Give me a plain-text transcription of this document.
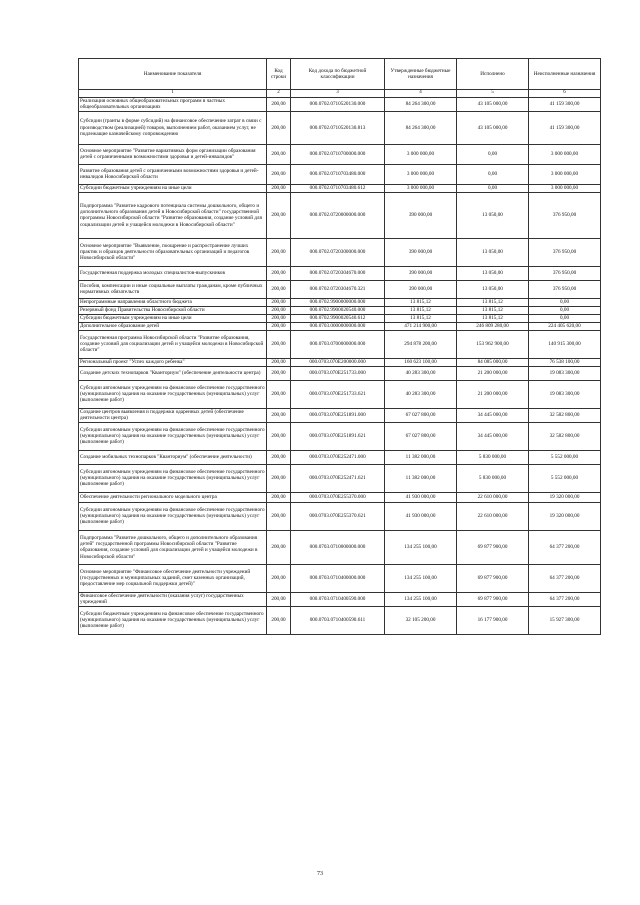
Наименование показателя	Код строки	Код дохода по бюджетной классификации	Утвержденные бюджетные назначения	Исполнено	Неисполненные назначения
1	2	3	4	5	6
Реализация основных общеобразовательных программ в частных общеобразовательных организациях	200,00	000.0702.0710520130.000	84 264 300,00	43 105 000,00	41 159 300,00
Субсидии (гранты в форме субсидий) на финансовое обеспечение затрат в связи с производством (реализацией) товаров, выполнением работ, оказанием услуг, не подлежащие казначейскому сопровождению	200,00	000.0702.0710520130.813	84 264 300,00	43 105 000,00	41 159 300,00
Основное мероприятие "Развитие вариативных форм организации образования детей с ограниченными возможностями здоровья и детей-инвалидов"	200,00	000.0702.0710700000.000	3 000 000,00	0,00	3 000 000,00
Развитие образования детей с ограниченными возможностями здоровья и детей-инвалидов Новосибирской области	200,00	000.0702.0710703480.000	3 000 000,00	0,00	3 000 000,00
Субсидии бюджетным учреждениям на иные цели	200,00	000.0702.0710703480.612	3 000 000,00	0,00	3 000 000,00
Подпрограмма "Развитие кадрового потенциала системы дошкольного, общего и дополнительного образования детей в Новосибирской области" государственной программы Новосибирской области "Развитие образования, создание условий для социализации детей и учащейся молодежи в Новосибирской области"	200,00	000.0702.0720000000.000	390 000,00	13 050,00	376 950,00
Основное мероприятие "Выявление, поощрение и распространение лучших практик и образцов деятельности образовательных организаций и педагогов Новосибирской области"	200,00	000.0702.0720300000.000	390 000,00	13 050,00	376 950,00
Государственная поддержка молодых специалистов-выпускников	200,00	000.0702.0720304670.000	390 000,00	13 050,00	376 950,00
Пособия, компенсации и иные социальные выплаты гражданам, кроме публичных нормативных обязательств	200,00	000.0702.0720304670.321	390 000,00	13 050,00	376 950,00
Непрограммные направления областного бюджета	200,00	000.0702.9900000000.000	13 815,12	13 815,12	0,00
Резервный фонд Правительства Новосибирской области	200,00	000.0702.9900020540.000	13 815,12	13 815,12	0,00
Субсидии бюджетным учреждениям на иные цели	200,00	000.0702.9900020540.612	13 815,12	13 815,12	0,00
Дополнительное образование детей	200,00	000.0703.0000000000.000	471 214 900,00	246 809 280,00	224 405 620,00
Государственная программа Новосибирской области "Развитие образования, создание условий для социализации детей и учащейся молодежи в Новосибирской области"	200,00	000.0703.0700000000.000	294 878 200,00	153 962 900,00	140 915 300,00
Региональный проект "Успех каждого ребенка"	200,00	000.0703.070E200000.000	160 623 100,00	84 085 000,00	76 538 100,00
Создание детских технопарков "Кванториум" (обеспечение деятельности центра)	200,00	000.0703.070E251733.000	40 283 300,00	21 200 000,00	19 083 300,00
Субсидии автономным учреждениям на финансовое обеспечение государственного (муниципального) задания на оказание государственных (муниципальных) услуг (выполнение работ)	200,00	000.0703.070E251733.621	40 283 300,00	21 200 000,00	19 083 300,00
Создание центров выявления и поддержки одаренных детей (обеспечение деятельности центра)	200,00	000.0703.070E251891.000	67 027 800,00	34 445 000,00	32 582 800,00
Субсидии автономным учреждениям на финансовое обеспечение государственного (муниципального) задания на оказание государственных (муниципальных) услуг (выполнение работ)	200,00	000.0703.070E251891.621	67 027 800,00	34 445 000,00	32 582 800,00
Создание мобильных технопарков "Кванториум" (обеспечение деятельности)	200,00	000.0703.070E252471.000	11 382 000,00	5 830 000,00	5 552 000,00
Субсидии автономным учреждениям на финансовое обеспечение государственного (муниципального) задания на оказание государственных (муниципальных) услуг (выполнение работ)	200,00	000.0703.070E252471.621	11 382 000,00	5 830 000,00	5 552 000,00
Обеспечение деятельности регионального модельного центра	200,00	000.0703.070E255370.000	41 930 000,00	22 610 000,00	19 320 000,00
Субсидии автономным учреждениям на финансовое обеспечение государственного (муниципального) задания на оказание государственных (муниципальных) услуг (выполнение работ)	200,00	000.0703.070E255370.621	41 930 000,00	22 610 000,00	19 320 000,00
Подпрограмма "Развитие дошкольного, общего и дополнительного образования детей" государственной программы Новосибирской области "Развитие образования, создание условий для социализации детей и учащейся молодежи в Новосибирской области"	200,00	000.0703.0710000000.000	134 255 100,00	69 877 900,00	64 377 200,00
Основное мероприятие "Финансовое обеспечение деятельности учреждений (государственных и муниципальных заданий, смет казенных организаций, предоставление мер социальной поддержки детей)"	200,00	000.0703.0710400000.000	134 255 100,00	69 877 900,00	64 377 200,00
Финансовое обеспечение деятельности (оказания услуг) государственных учреждений	200,00	000.0703.0710400590.000	134 255 100,00	69 877 900,00	64 377 200,00
Субсидии бюджетным учреждениям на финансовое обеспечение государственного (муниципального) задания на оказание государственных (муниципальных) услуг (выполнение работ)	200,00	000.0703.0710400590.611	32 105 200,00	16 177 900,00	15 927 300,00
73
